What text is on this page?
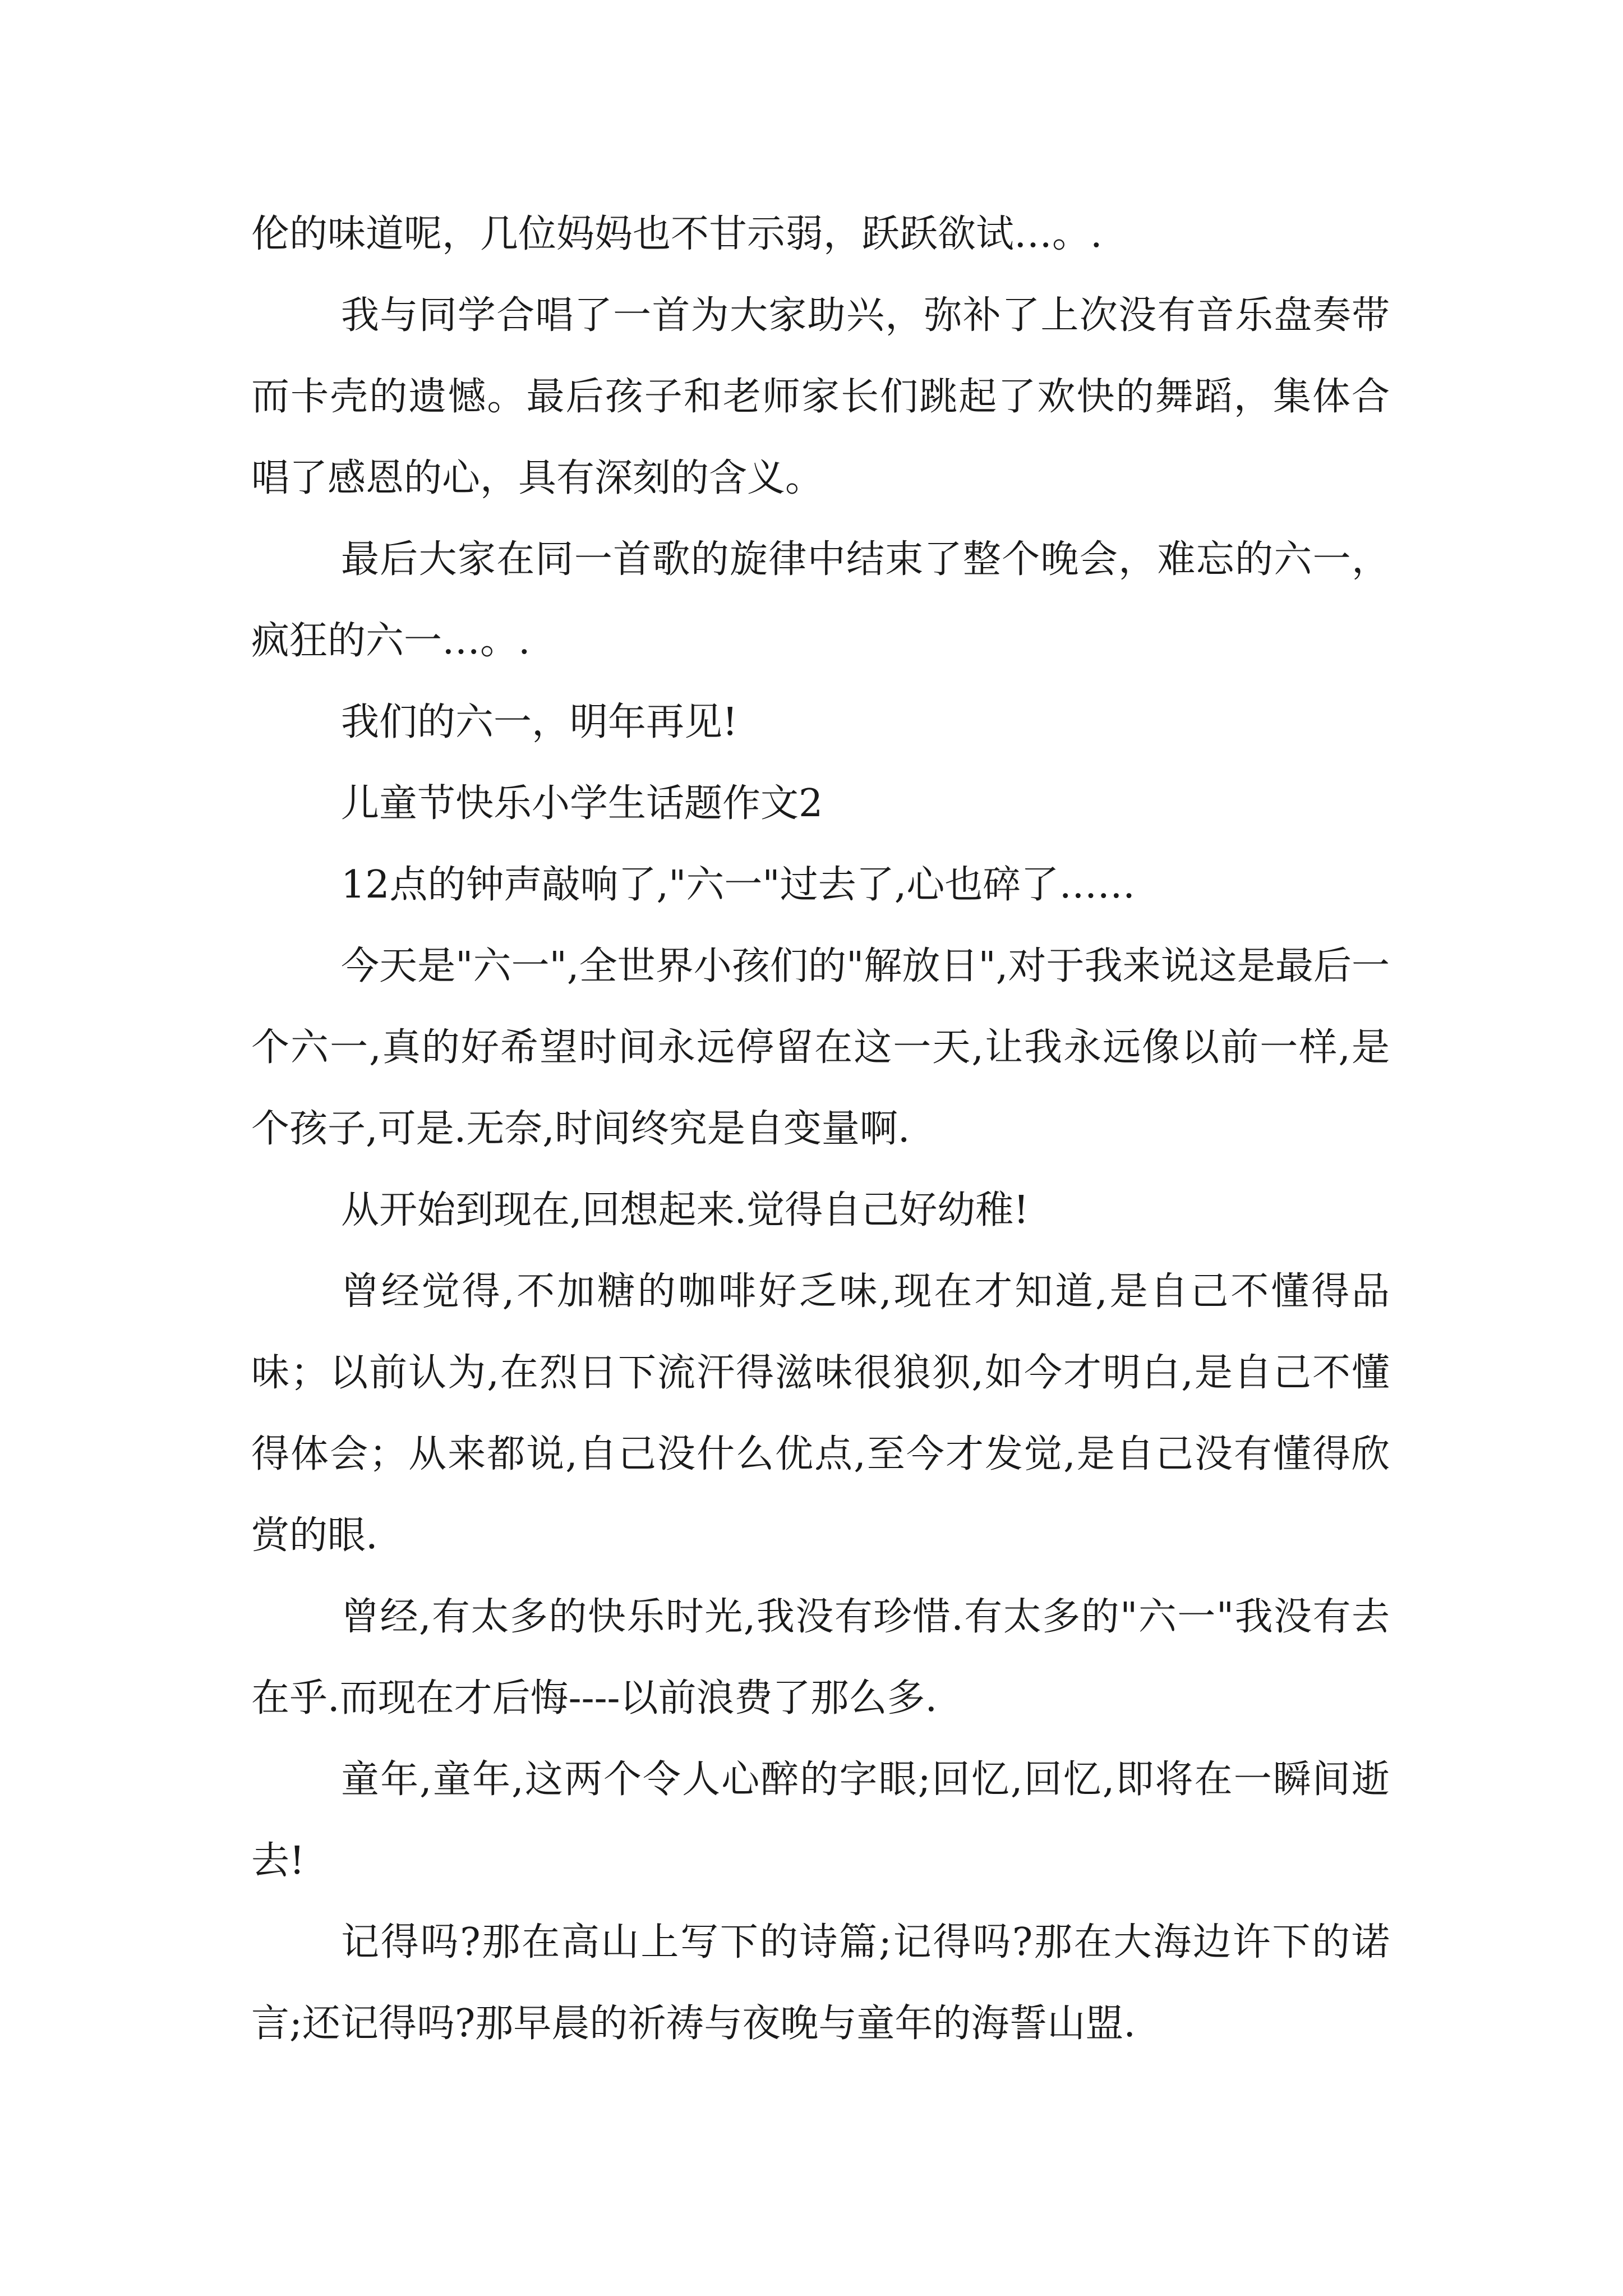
伦的味道呢，几位妈妈也不甘示弱，跃跃欲试…。.

我与同学合唱了一首为大家助兴，弥补了上次没有音乐盘奏带而卡壳的遗憾。最后孩子和老师家长们跳起了欢快的舞蹈，集体合唱了感恩的心，具有深刻的含义。

最后大家在同一首歌的旋律中结束了整个晚会，难忘的六一，疯狂的六一…。.

我们的六一，明年再见!

儿童节快乐小学生话题作文2

12点的钟声敲响了,"六一"过去了,心也碎了……

今天是"六一",全世界小孩们的"解放日",对于我来说这是最后一个六一,真的好希望时间永远停留在这一天,让我永远像以前一样,是个孩子,可是.无奈,时间终究是自变量啊.

从开始到现在,回想起来.觉得自己好幼稚!

曾经觉得,不加糖的咖啡好乏味,现在才知道,是自己不懂得品味；以前认为,在烈日下流汗得滋味很狼狈,如今才明白,是自己不懂得体会；从来都说,自己没什么优点,至今才发觉,是自己没有懂得欣赏的眼.

曾经,有太多的快乐时光,我没有珍惜.有太多的"六一"我没有去在乎.而现在才后悔----以前浪费了那么多.

童年,童年,这两个令人心醉的字眼;回忆,回忆,即将在一瞬间逝去!

记得吗?那在高山上写下的诗篇;记得吗?那在大海边许下的诺言;还记得吗?那早晨的祈祷与夜晚与童年的海誓山盟.
